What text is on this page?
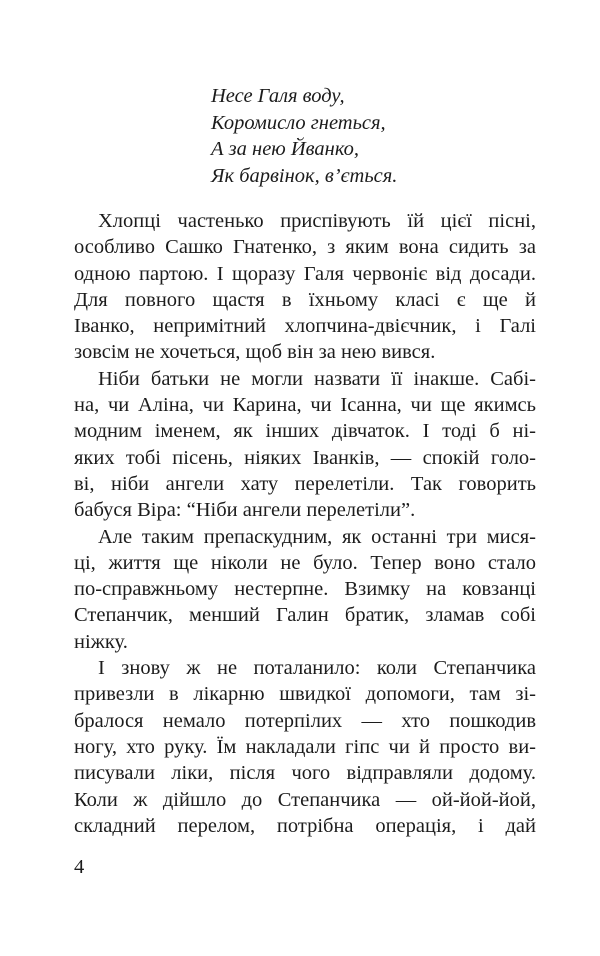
Несе Галя воду,
Коромисло гнеться,
А за нею Йванко,
Як барвінок, в’ється.
Хлопці частенько приспівують їй цієї пісні,
особливо Сашко Гнатенко, з яким вона сидить за
одною партою. І щоразу Галя червоніє від досади.
Для повного щастя в їхньому класі є ще й
Іванко, непримітний хлопчина-двієчник, і Галі
зовсім не хочеться, щоб він за нею вився.
Ніби батьки не могли назвати її інакше. Сабі-
на, чи Аліна, чи Карина, чи Ісанна, чи ще якимсь
модним іменем, як інших дівчаток. І тоді б ні-
яких тобі пісень, ніяких Іванків, — спокій голо-
ві, ніби ангели хату перелетіли. Так говорить
бабуся Віра: “Ніби ангели перелетіли”.
Але таким препаскудним, як останні три мися-
ці, життя ще ніколи не було. Тепер воно стало
по-справжньому нестерпне. Взимку на ковзанці
Степанчик, менший Галин братик, зламав собі
ніжку.
І знову ж не поталанило: коли Степанчика
привезли в лікарню швидкої допомоги, там зі-
бралося немало потерпілих — хто пошкодив
ногу, хто руку. Їм накладали гіпс чи й просто ви-
писували ліки, після чого відправляли додому.
Коли ж дійшло до Степанчика — ой-йой-йой,
складний перелом, потрібна операція, і дай
4
